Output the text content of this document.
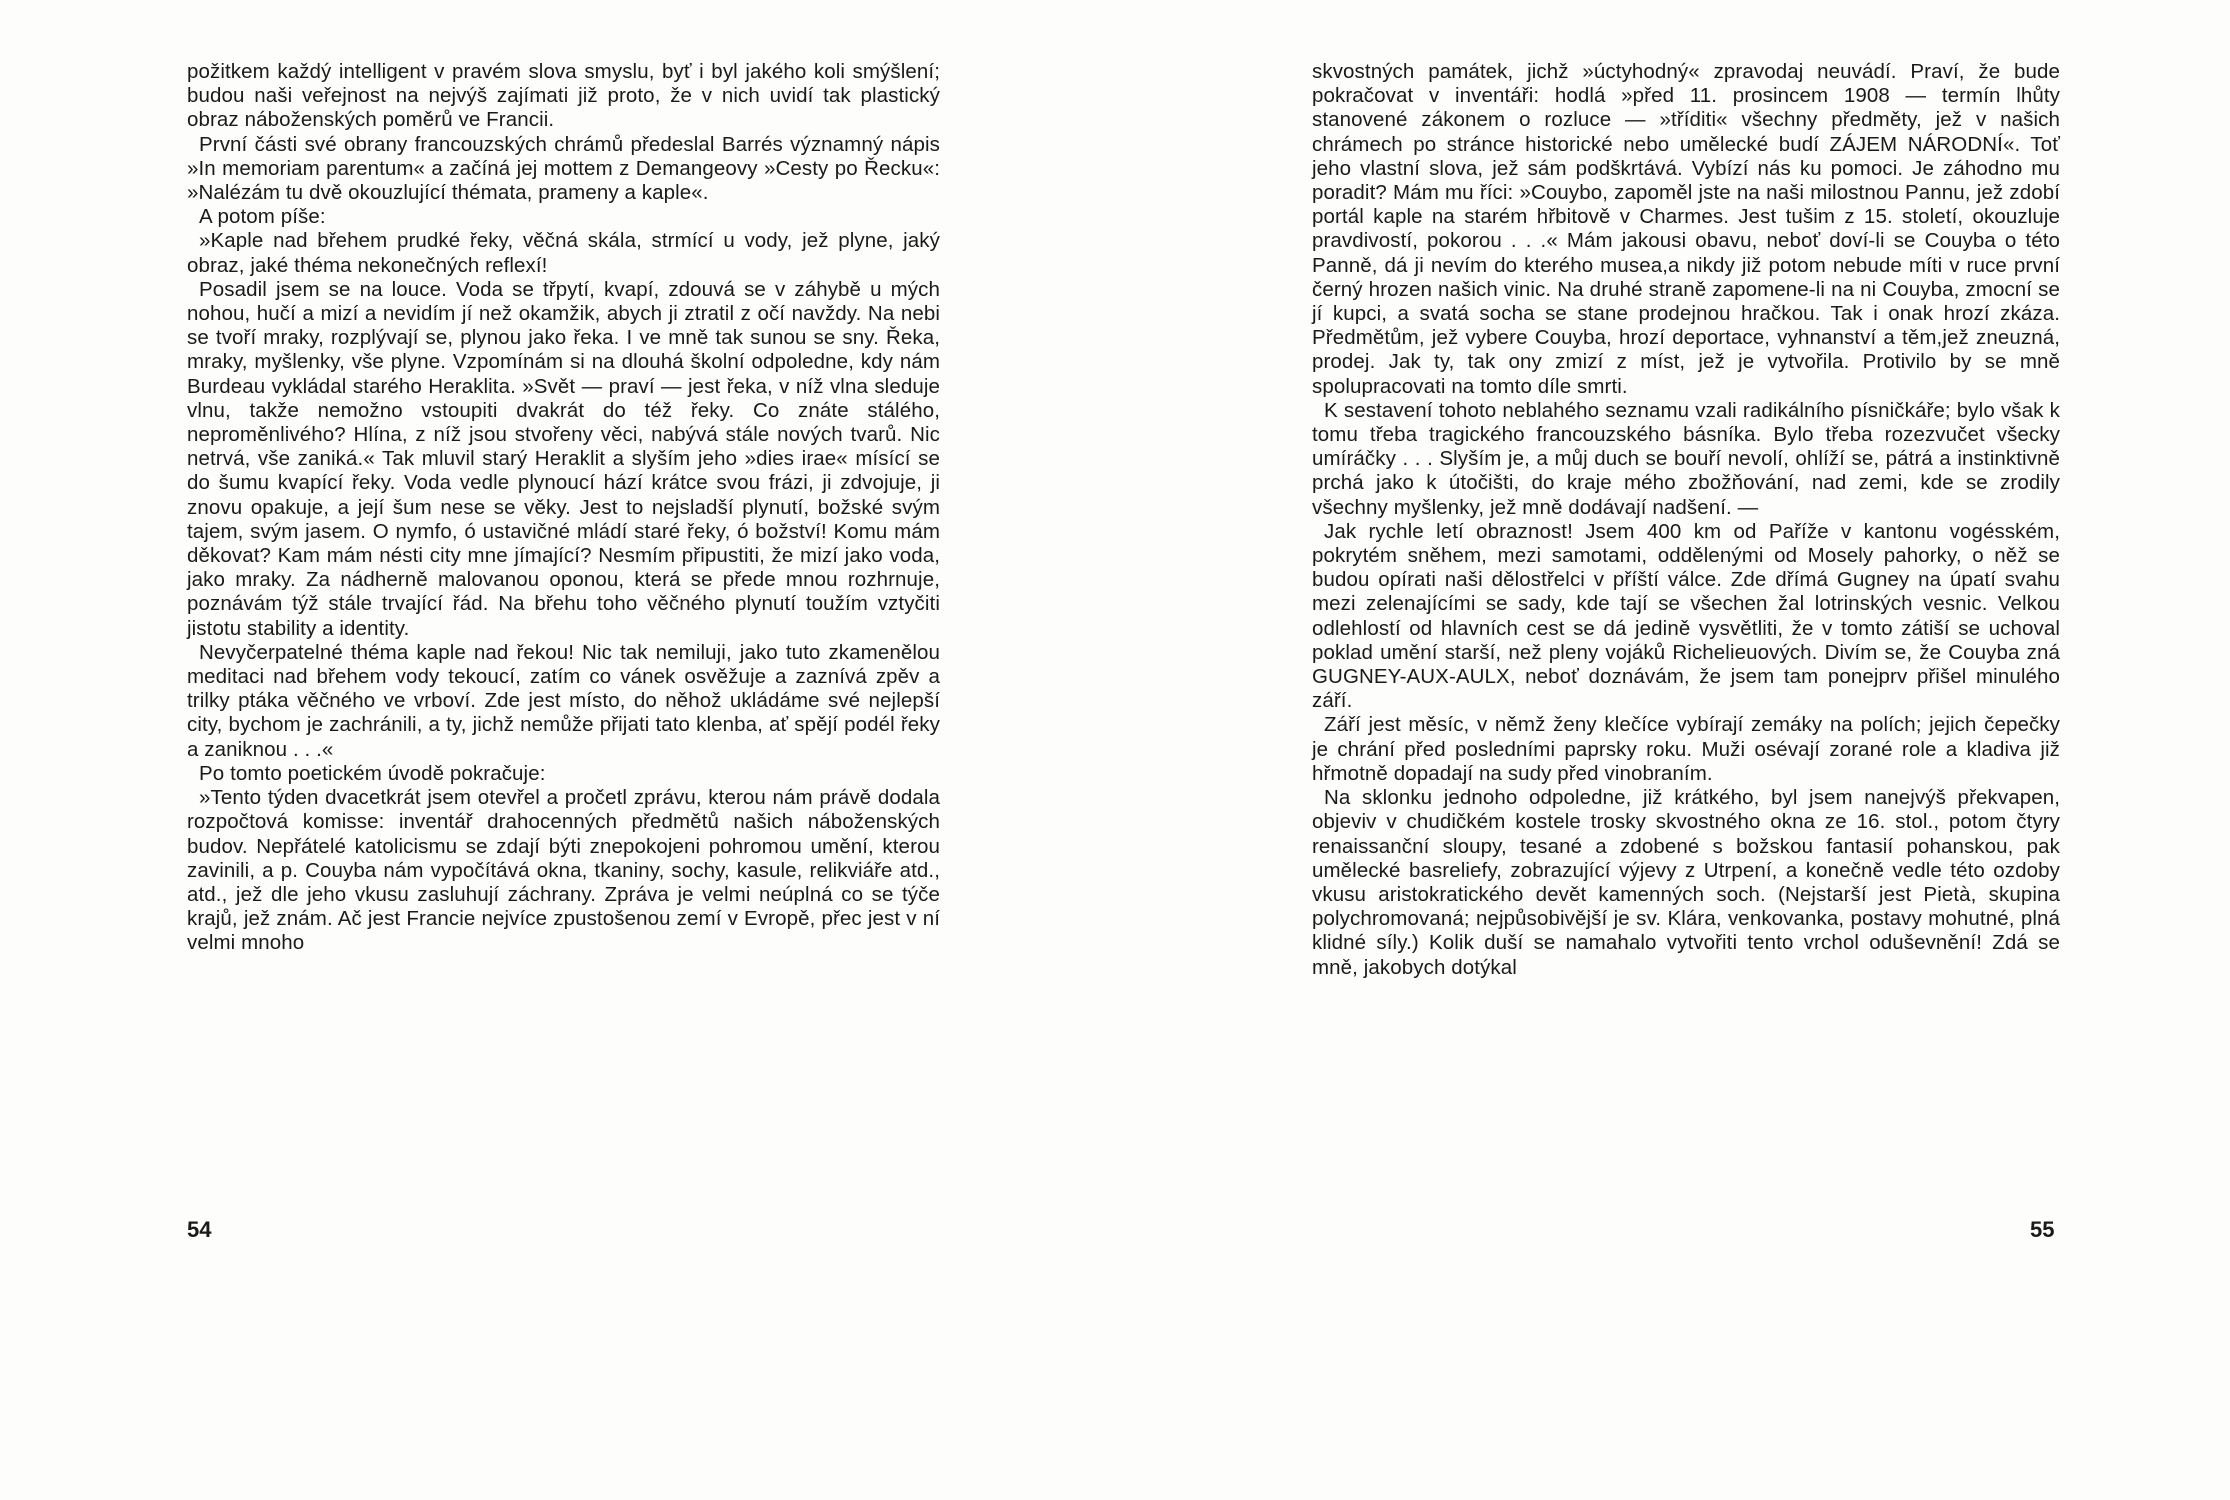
požitkem každý intelligent v pravém slova smyslu, byť i byl jakého koli smýšlení; budou naši veřejnost na nejvýš zajímati již proto, že v nich uvidí tak plastický obraz náboženských poměrů ve Francii.

První části své obrany francouzských chrámů předeslal Barrés významný nápis »In memoriam parentum« a začíná jej mottem z Demangeovy »Cesty po Řecku«: »Nalézám tu dvě okouzlující thémata, prameny a kaple«.

A potom píše:

»Kaple nad břehem prudké řeky, věčná skála, strmící u vody, jež plyne, jaký obraz, jaké théma nekonečných reflexí!

Posadil jsem se na louce. Voda se třpytí, kvapí, zdouvá se v záhybě u mých nohou, hučí a mizí a nevidím jí než okamžik, abych ji ztratil z očí navždy. Na nebi se tvoří mraky, rozplývají se, plynou jako řeka. I ve mně tak sunou se sny. Řeka, mraky, myšlenky, vše plyne. Vzpomínám si na dlouhá školní odpoledne, kdy nám Burdeau vykládal starého Heraklita. »Svět — praví — jest řeka, v níž vlna sleduje vlnu, takže nemožno vstoupiti dvakrát do též řeky. Co znáte stálého, neproměnlivého? Hlína, z níž jsou stvořeny věci, nabývá stále nových tvarů. Nic netrvá, vše zaniká.« Tak mluvil starý Heraklit a slyším jeho »dies irae« mísící se do šumu kvapící řeky. Voda vedle plynoucí hází krátce svou frázi, ji zdvojuje, ji znovu opakuje, a její šum nese se věky. Jest to nejsladší plynutí, božské svým tajem, svým jasem. O nymfo, ó ustavičné mládí staré řeky, ó božství! Komu mám děkovat? Kam mám nésti city mne jímající? Nesmím připustiti, že mizí jako voda, jako mraky. Za nádherně malovanou oponou, která se přede mnou rozhrnuje, poznávám týž stále trvající řád. Na břehu toho věčného plynutí toužím vztyčiti jistotu stability a identity.

Nevyčerpatelné théma kaple nad řekou! Nic tak nemiluji, jako tuto zkamenělou meditaci nad břehem vody tekoucí, zatím co vánek osvěžuje a zaznívá zpěv a trilky ptáka věčného ve vrboví. Zde jest místo, do něhož ukládáme své nejlepší city, bychom je zachránili, a ty, jichž nemůže přijati tato klenba, ať spějí podél řeky a zaniknou . . .«

Po tomto poetickém úvodě pokračuje:

»Tento týden dvacetkrát jsem otevřel a pročetl zprávu, kterou nám právě dodala rozpočtová komisse: inventář drahocenných předmětů našich náboženských budov. Nepřátelé katolicismu se zdají býti znepokojeni pohromou umění, kterou zavinili, a p. Couyba nám vypočítává okna, tkaniny, sochy, kasule, relikviáře atd., atd., jež dle jeho vkusu zasluhují záchrany. Zpráva je velmi neúplná co se týče krajů, jež znám. Ač jest Francie nejvíce zpustošenou zemí v Evropě, přec jest v ní velmi mnoho

54

skvostných památek, jichž »úctyhodný« zpravodaj neuvádí. Praví, že bude pokračovat v inventáři: hodlá »před 11. prosincem 1908 — termín lhůty stanovené zákonem o rozluce — »tříditi« všechny předměty, jež v našich chrámech po stránce historické nebo umělecké budí ZÁJEM NÁRODNÍ«. Toť jeho vlastní slova, jež sám podškrtává. Vybízí nás ku pomoci. Je záhodno mu poradit? Mám mu říci: »Couybo, zapoměl jste na naši milostnou Pannu, jež zdobí portál kaple na starém hřbitově v Charmes. Jest tušim z 15. století, okouzluje pravdivostí, pokorou . . .« Mám jakousi obavu, neboť doví-li se Couyba o této Panně, dá ji nevím do kterého musea,a nikdy již potom nebude míti v ruce první černý hrozen našich vinic. Na druhé straně zapomene-li na ni Couyba, zmocní se jí kupci, a svatá socha se stane prodejnou hračkou. Tak i onak hrozí zkáza. Předmětům, jež vybere Couyba, hrozí deportace, vyhnanství a těm,jež zneuzná, prodej. Jak ty, tak ony zmizí z míst, jež je vytvořila. Protivilo by se mně spolupracovati na tomto díle smrti.

K sestavení tohoto neblahého seznamu vzali radikálního písničkáře; bylo však k tomu třeba tragického francouzského básníka. Bylo třeba rozezvučet všecky umíráčky . . . Slyším je, a můj duch se bouří nevolí, ohlíží se, pátrá a instinktivně prchá jako k útočišti, do kraje mého zbožňování, nad zemi, kde se zrodily všechny myšlenky, jež mně dodávají nadšení. —

Jak rychle letí obraznost! Jsem 400 km od Paříže v kantonu vogésském, pokrytém sněhem, mezi samotami, oddělenými od Mosely pahorky, o něž se budou opírati naši dělostřelci v příští válce. Zde dřímá Gugney na úpatí svahu mezi zelenajícími se sady, kde tají se všechen žal lotrinských vesnic. Velkou odlehlostí od hlavních cest se dá jedině vysvětliti, že v tomto zátiší se uchoval poklad umění starší, než pleny vojáků Richelieuových. Divím se, že Couyba zná GUGNEY-AUX-AULX, neboť doznávám, že jsem tam ponejprv přišel minulého září.

Září jest měsíc, v němž ženy klečíce vybírají zemáky na polích; jejich čepečky je chrání před posledními paprsky roku. Muži osévají zorané role a kladiva již hřmotně dopadají na sudy před vinobraním.

Na sklonku jednoho odpoledne, již krátkého, byl jsem nanejvýš překvapen, objeviv v chudičkém kostele trosky skvostného okna ze 16. stol., potom čtyry renaissanční sloupy, tesané a zdobené s božskou fantasií pohanskou, pak umělecké basreliefy, zobrazující výjevy z Utrpení, a konečně vedle této ozdoby vkusu aristokratického devět kamenných soch. (Nejstarší jest Pietà, skupina polychromovaná; nejpůsobivější je sv. Klára, venkovanka, postavy mohutné, plná klidné síly.) Kolik duší se namahalo vytvořiti tento vrchol oduševnění! Zdá se mně, jakobych dotýkal

55
